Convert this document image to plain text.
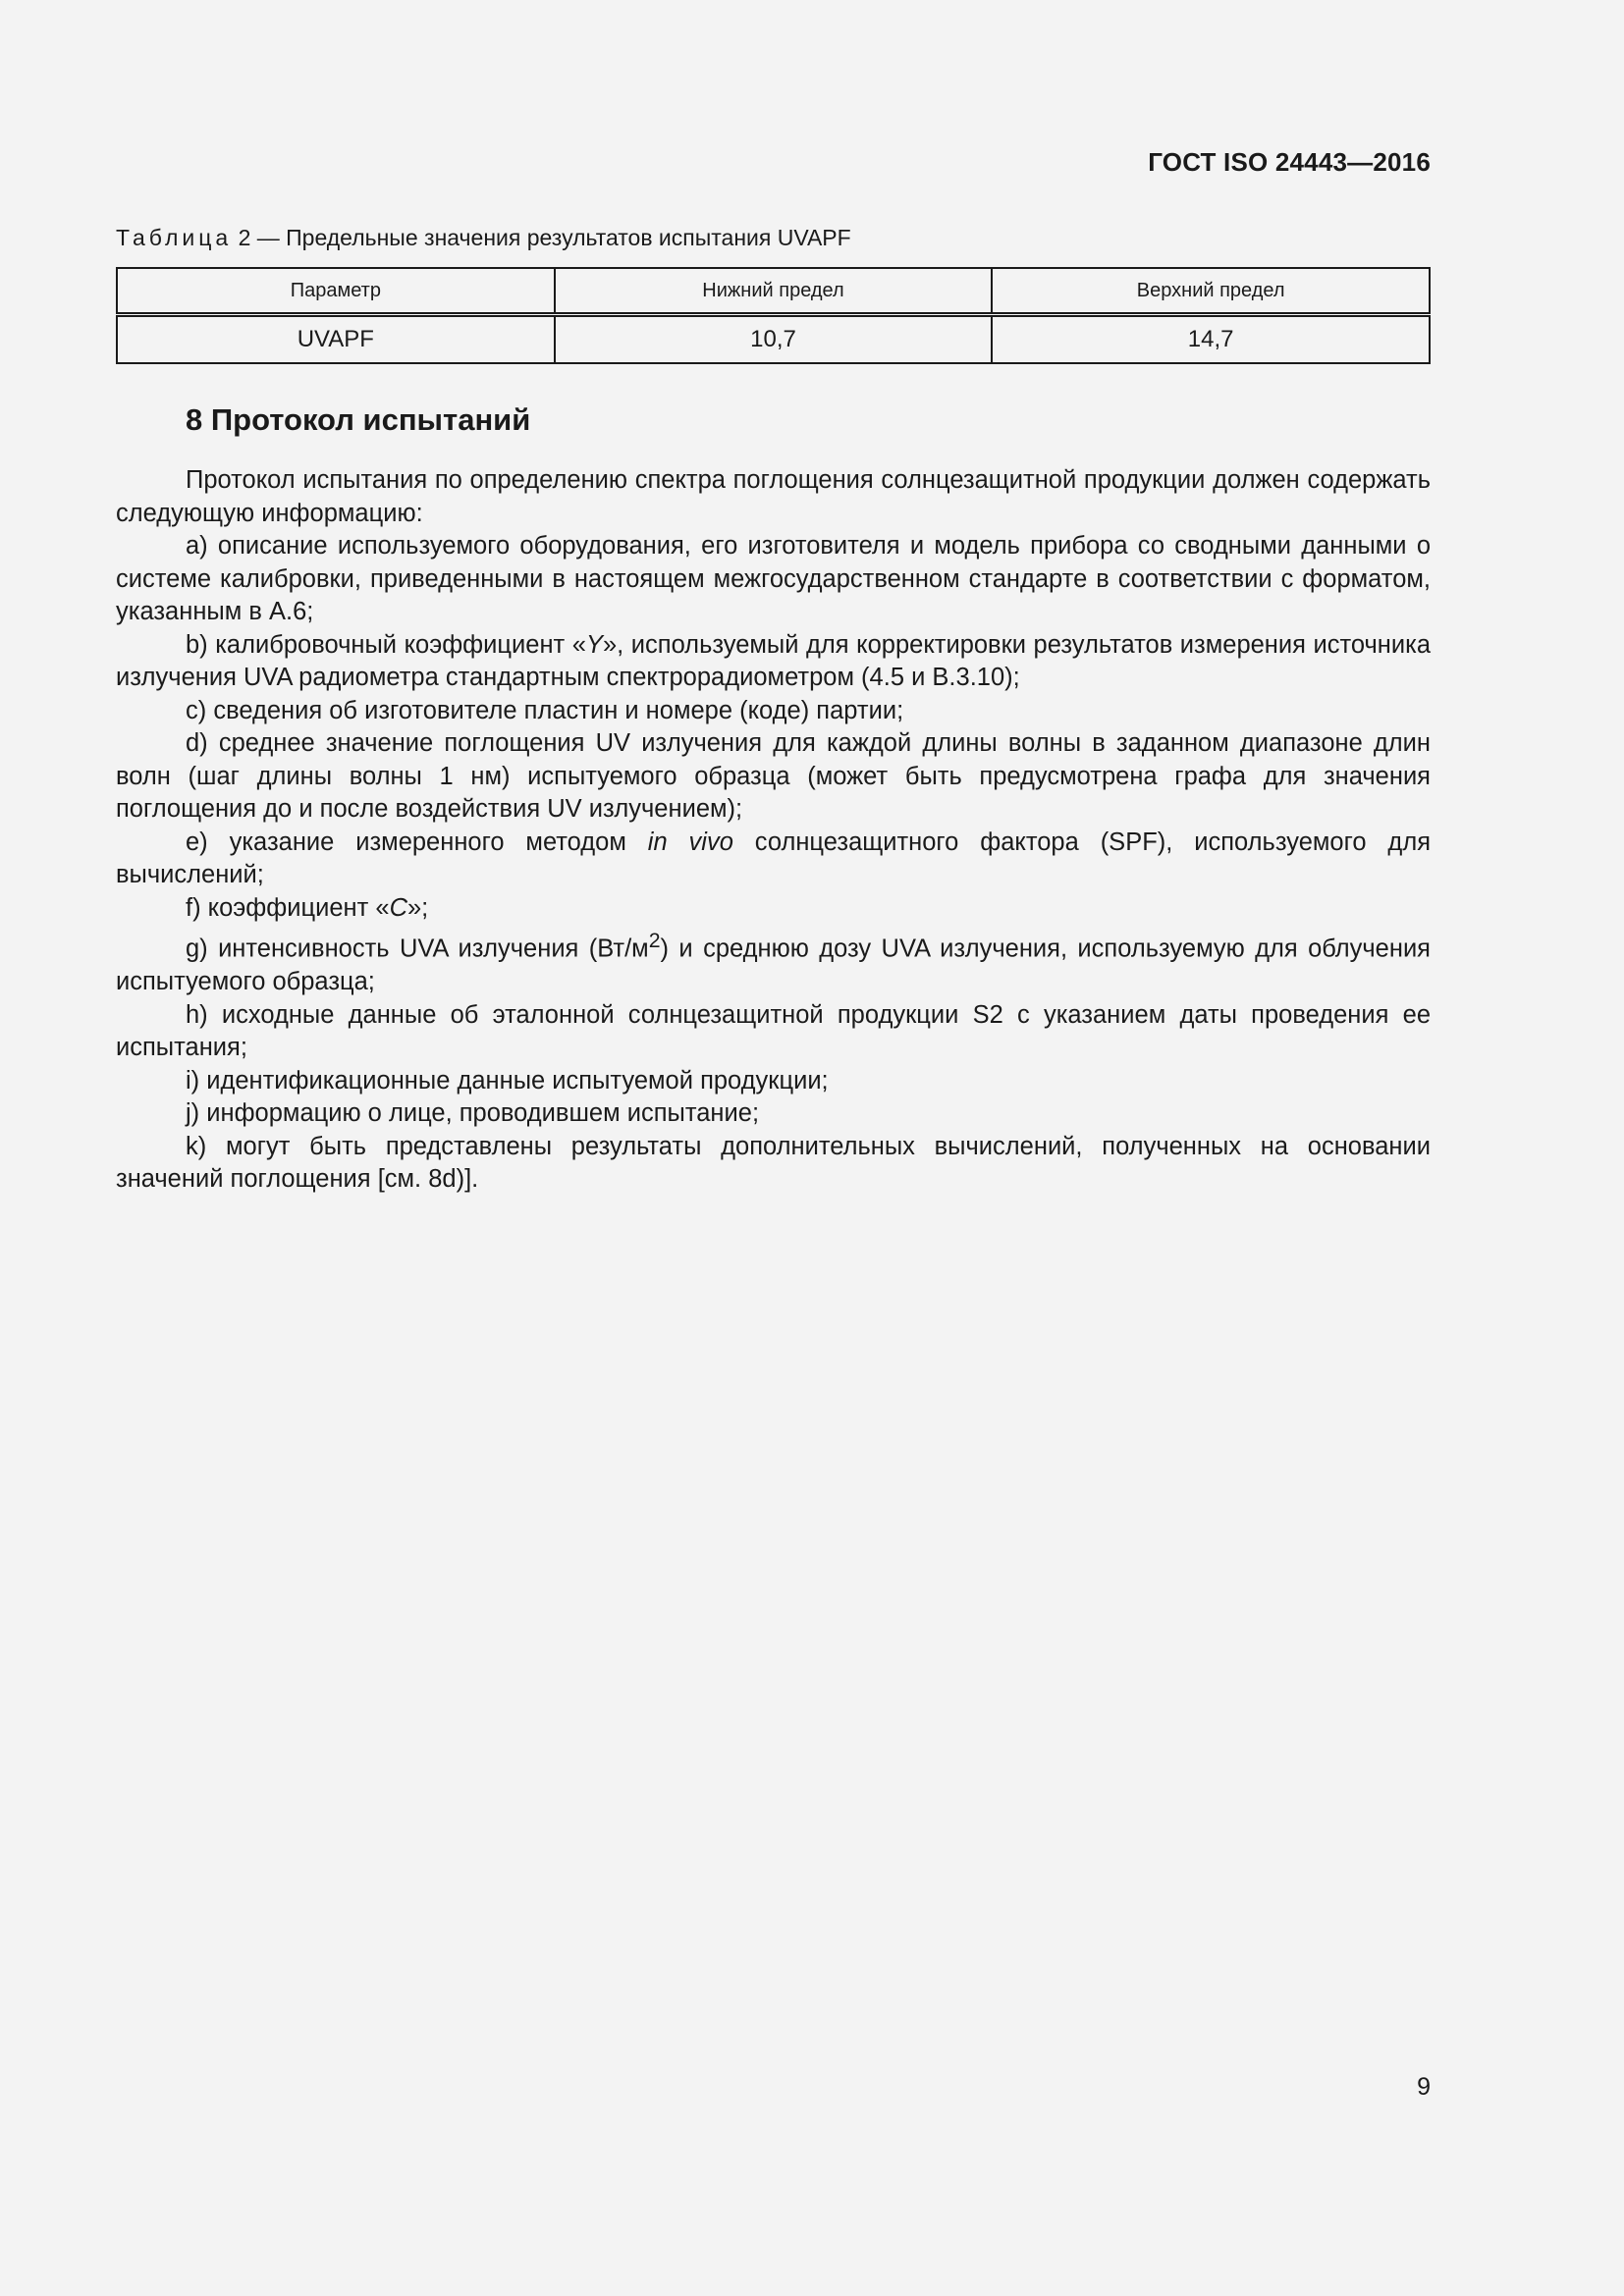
ГОСТ ISO 24443—2016
Таблица 2 — Предельные значения результатов испытания UVAPF
Параметр	Нижний предел	Верхний предел
UVAPF	10,7	14,7
8 Протокол испытаний

Протокол испытания по определению спектра поглощения солнцезащитной продукции должен содержать следующую информацию:

a) описание используемого оборудования, его изготовителя и модель прибора со сводными данными о системе калибровки, приведенными в настоящем межгосударственном стандарте в соответствии с форматом, указанным в A.6;

b) калибровочный коэффициент «Y», используемый для корректировки результатов измерения источника излучения UVA радиометра стандартным спектрорадиометром (4.5 и B.3.10);

c) сведения об изготовителе пластин и номере (коде) партии;

d) среднее значение поглощения UV излучения для каждой длины волны в заданном диапазоне длин волн (шаг длины волны 1 нм) испытуемого образца (может быть предусмотрена графа для значения поглощения до и после воздействия UV излучением);

e) указание измеренного методом in vivo солнцезащитного фактора (SPF), используемого для вычислений;

f) коэффициент «C»;

g) интенсивность UVA излучения $(Вт/м^2)$ и среднюю дозу UVA излучения, используемую для облучения испытуемого образца;

h) исходные данные об эталонной солнцезащитной продукции S2 с указанием даты проведения ее испытания;

i) идентификационные данные испытуемой продукции;

j) информацию о лице, проводившем испытание;

k) могут быть представлены результаты дополнительных вычислений, полученных на основании значений поглощения [см. 8d)].

9
